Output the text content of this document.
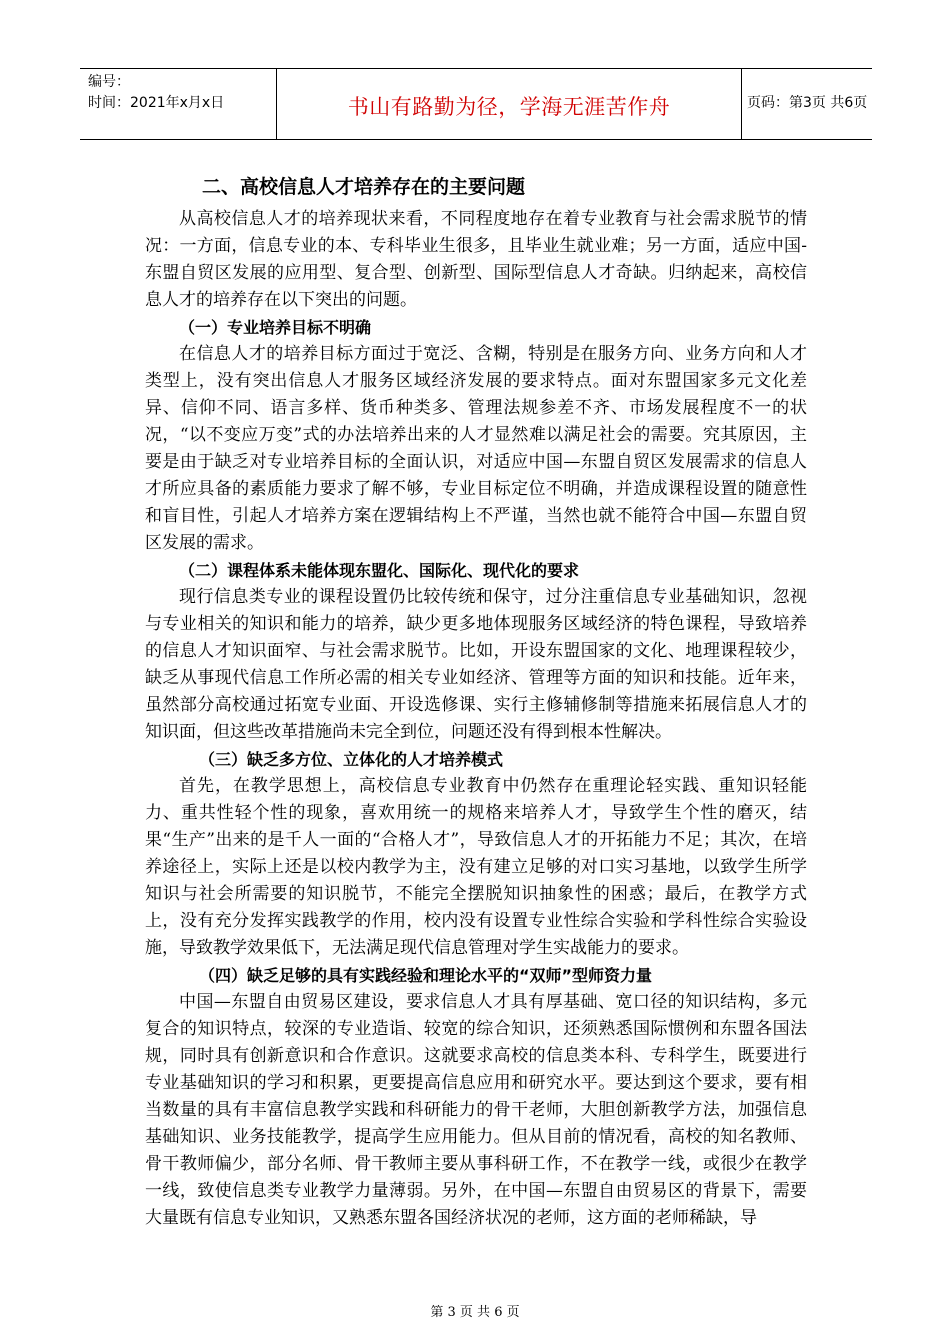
编号：
时间：2021年x月x日	书山有路勤为径，学海无涯苦作舟	页码：第3页 共6页
二、高校信息人才培养存在的主要问题

从高校信息人才的培养现状来看，不同程度地存在着专业教育与社会需求脱节的情况：一方面，信息专业的本、专科毕业生很多，且毕业生就业难；另一方面，适应中国-东盟自贸区发展的应用型、复合型、创新型、国际型信息人才奇缺。归纳起来，高校信息人才的培养存在以下突出的问题。

（一）专业培养目标不明确

在信息人才的培养目标方面过于宽泛、含糊，特别是在服务方向、业务方向和人才类型上，没有突出信息人才服务区域经济发展的要求特点。面对东盟国家多元文化差异、信仰不同、语言多样、货币种类多、管理法规参差不齐、市场发展程度不一的状况，“以不变应万变”式的办法培养出来的人才显然难以满足社会的需要。究其原因，主要是由于缺乏对专业培养目标的全面认识，对适应中国—东盟自贸区发展需求的信息人才所应具备的素质能力要求了解不够，专业目标定位不明确，并造成课程设置的随意性和盲目性，引起人才培养方案在逻辑结构上不严谨，当然也就不能符合中国—东盟自贸区发展的需求。

（二）课程体系未能体现东盟化、国际化、现代化的要求

现行信息类专业的课程设置仍比较传统和保守，过分注重信息专业基础知识，忽视与专业相关的知识和能力的培养，缺少更多地体现服务区域经济的特色课程，导致培养的信息人才知识面窄、与社会需求脱节。比如，开设东盟国家的文化、地理课程较少，缺乏从事现代信息工作所必需的相关专业如经济、管理等方面的知识和技能。近年来，虽然部分高校通过拓宽专业面、开设选修课、实行主修辅修制等措施来拓展信息人才的知识面，但这些改革措施尚未完全到位，问题还没有得到根本性解决。

（三）缺乏多方位、立体化的人才培养模式

首先，在教学思想上，高校信息专业教育中仍然存在重理论轻实践、重知识轻能力、重共性轻个性的现象，喜欢用统一的规格来培养人才，导致学生个性的磨灭，结果“生产”出来的是千人一面的“合格人才”，导致信息人才的开拓能力不足；其次，在培养途径上，实际上还是以校内教学为主，没有建立足够的对口实习基地，以致学生所学知识与社会所需要的知识脱节，不能完全摆脱知识抽象性的困惑；最后，在教学方式上，没有充分发挥实践教学的作用，校内没有设置专业性综合实验和学科性综合实验设施，导致教学效果低下，无法满足现代信息管理对学生实战能力的要求。

（四）缺乏足够的具有实践经验和理论水平的“双师”型师资力量

中国—东盟自由贸易区建设，要求信息人才具有厚基础、宽口径的知识结构，多元复合的知识特点，较深的专业造诣、较宽的综合知识，还须熟悉国际惯例和东盟各国法规，同时具有创新意识和合作意识。这就要求高校的信息类本科、专科学生，既要进行专业基础知识的学习和积累，更要提高信息应用和研究水平。要达到这个要求，要有相当数量的具有丰富信息教学实践和科研能力的骨干老师，大胆创新教学方法，加强信息基础知识、业务技能教学，提高学生应用能力。但从目前的情况看，高校的知名教师、骨干教师偏少，部分名师、骨干教师主要从事科研工作，不在教学一线，或很少在教学一线，致使信息类专业教学力量薄弱。另外，在中国—东盟自由贸易区的背景下，需要大量既有信息专业知识，又熟悉东盟各国经济状况的老师，这方面的老师稀缺，导

第 3 页 共 6 页
